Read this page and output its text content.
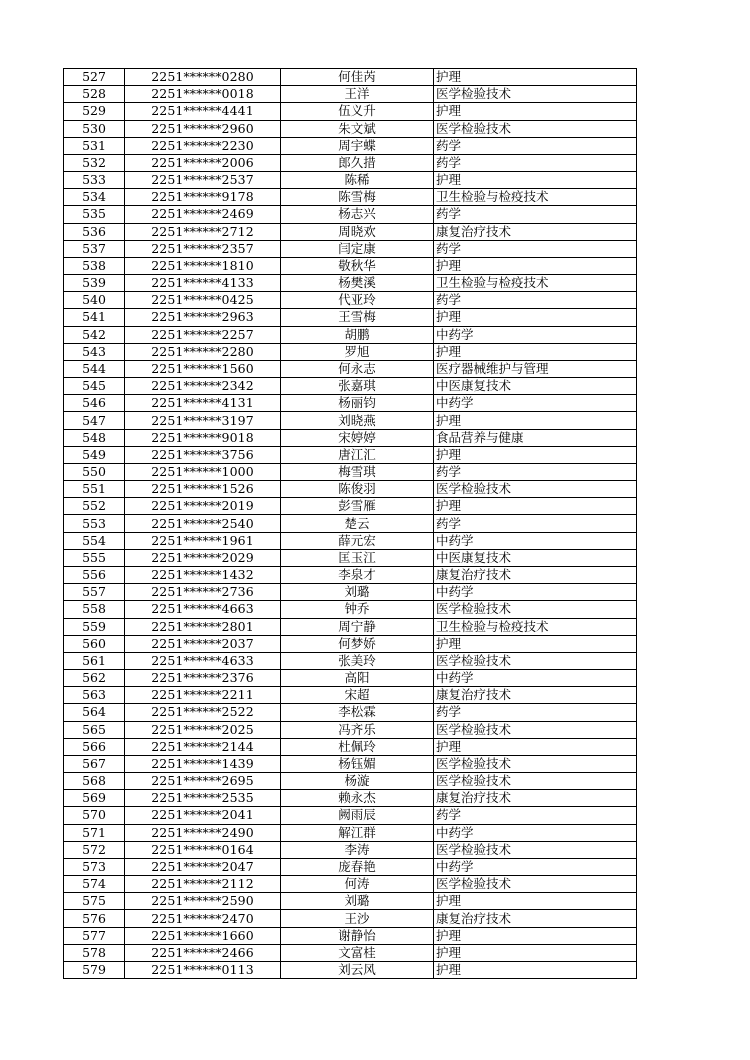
527	2251******0280	何佳芮	护理
528	2251******0018	王洋	医学检验技术
529	2251******4441	伍义升	护理
530	2251******2960	朱文斌	医学检验技术
531	2251******2230	周宇蝶	药学
532	2251******2006	郎久措	药学
533	2251******2537	陈稀	护理
534	2251******9178	陈雪梅	卫生检验与检疫技术
535	2251******2469	杨志兴	药学
536	2251******2712	周晓欢	康复治疗技术
537	2251******2357	闫定康	药学
538	2251******1810	敬秋华	护理
539	2251******4133	杨樊溪	卫生检验与检疫技术
540	2251******0425	代亚玲	药学
541	2251******2963	王雪梅	护理
542	2251******2257	胡鹏	中药学
543	2251******2280	罗旭	护理
544	2251******1560	何永志	医疗器械维护与管理
545	2251******2342	张嘉琪	中医康复技术
546	2251******4131	杨丽钧	中药学
547	2251******3197	刘晓燕	护理
548	2251******9018	宋婷婷	食品营养与健康
549	2251******3756	唐江汇	护理
550	2251******1000	梅雪琪	药学
551	2251******1526	陈俊羽	医学检验技术
552	2251******2019	彭雪雁	护理
553	2251******2540	楚云	药学
554	2251******1961	薛元宏	中药学
555	2251******2029	匡玉江	中医康复技术
556	2251******1432	李泉才	康复治疗技术
557	2251******2736	刘璐	中药学
558	2251******4663	钟乔	医学检验技术
559	2251******2801	周宁静	卫生检验与检疫技术
560	2251******2037	何梦娇	护理
561	2251******4633	张美玲	医学检验技术
562	2251******2376	高阳	中药学
563	2251******2211	宋超	康复治疗技术
564	2251******2522	李松霖	药学
565	2251******2025	冯齐乐	医学检验技术
566	2251******2144	杜佩玲	护理
567	2251******1439	杨钰媚	医学检验技术
568	2251******2695	杨漩	医学检验技术
569	2251******2535	赖永杰	康复治疗技术
570	2251******2041	阙雨辰	药学
571	2251******2490	解江群	中药学
572	2251******0164	李涛	医学检验技术
573	2251******2047	庞春艳	中药学
574	2251******2112	何涛	医学检验技术
575	2251******2590	刘璐	护理
576	2251******2470	王沙	康复治疗技术
577	2251******1660	谢静怡	护理
578	2251******2466	文富桂	护理
579	2251******0113	刘云风	护理
